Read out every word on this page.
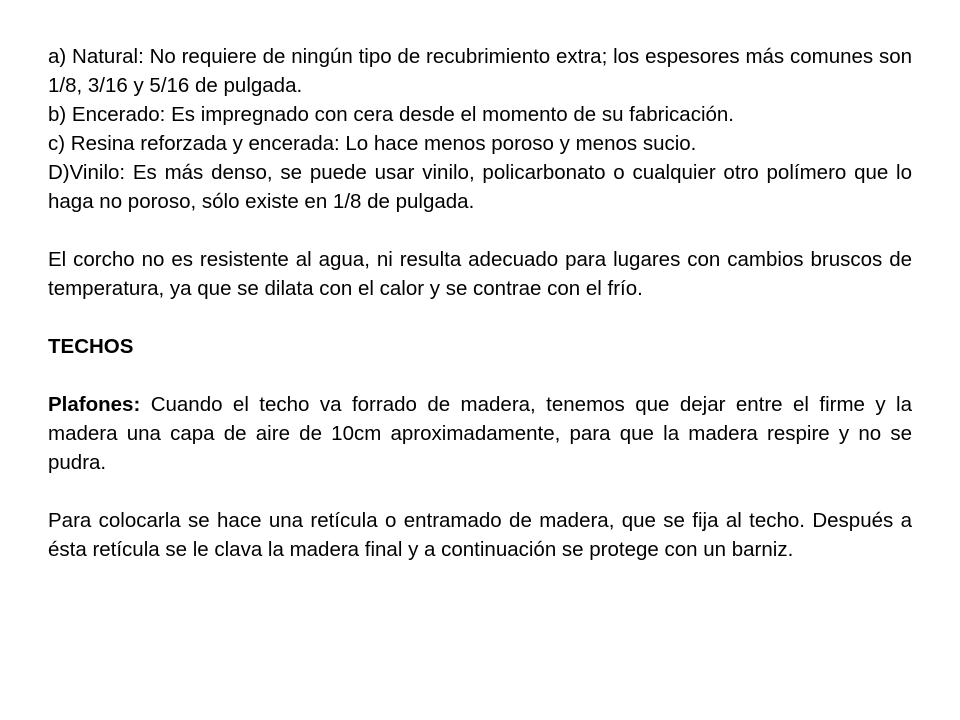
a) Natural: No requiere de ningún tipo de recubrimiento extra; los espesores más comunes son 1/8, 3/16 y 5/16 de pulgada.

b) Encerado: Es impregnado con cera desde el momento de su fabricación.

c) Resina reforzada y encerada: Lo hace menos poroso y menos sucio.

D)Vinilo: Es más denso, se puede usar vinilo, policarbonato o cualquier otro polímero que lo haga no poroso, sólo existe en 1/8 de pulgada.

El corcho no es resistente al agua, ni resulta adecuado para lugares con cambios bruscos de temperatura, ya que se dilata con el calor y se contrae con el frío.

TECHOS

Plafones: Cuando el techo va forrado de madera, tenemos que dejar entre el firme y la madera una capa de aire de 10cm aproximadamente, para que la madera respire y no se pudra.

Para colocarla se hace una retícula o entramado de madera, que se fija al techo. Después a ésta retícula se le clava la madera final y a continuación se protege con un barniz.
